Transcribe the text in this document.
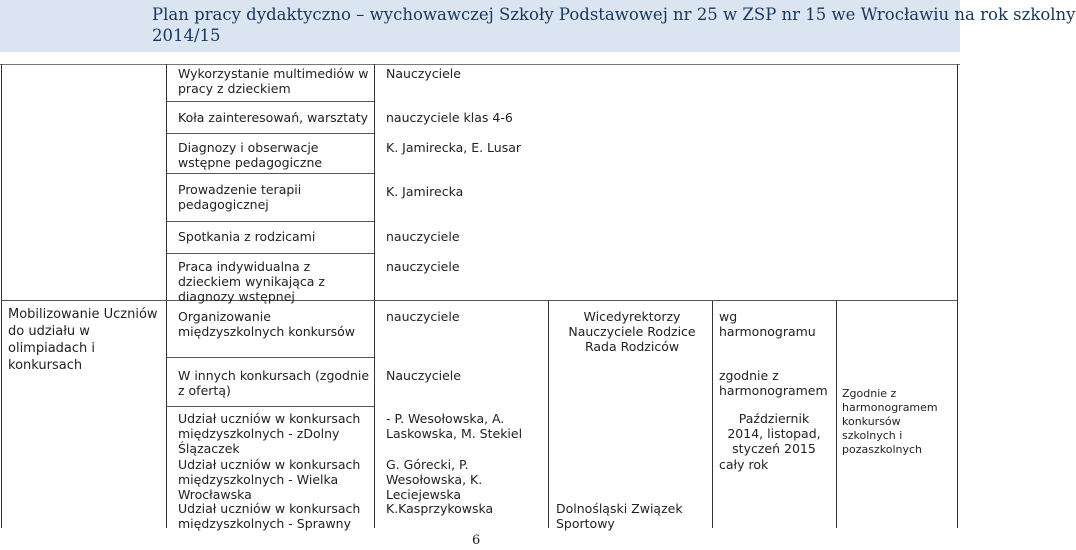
Plan pracy dydaktyczno – wychowawczej Szkoły Podstawowej nr 25 w ZSP nr 15 we Wrocławiu na rok szkolny
2014/15
Wykorzystanie multimediów w pracy z dzieckiem
Koła zainteresowań, warsztaty
Diagnozy i obserwacje wstępne pedagogiczne
Prowadzenie terapii pedagogicznej
Spotkania z rodzicami
Praca indywidualna z dzieckiem wynikająca z diagnozy wstępnej
Organizowanie międzyszkolnych konkursów
W innych konkursach (zgodnie z ofertą)
Udział uczniów w konkursach międzyszkolnych - zDolny Ślązaczek
Udział uczniów w konkursach międzyszkolnych - Wielka Wrocławska
Udział uczniów w konkursach międzyszkolnych - Sprawny
Nauczyciele
nauczyciele klas 4-6
K. Jamirecka, E. Lusar
K. Jamirecka
nauczyciele
nauczyciele
nauczyciele
Nauczyciele
- P. Wesołowska, A. Laskowska, M. Stekiel
G. Górecki, P. Wesołowska, K. Leciejewska
K.Kasprzykowska
Mobilizowanie Uczniów do udziału w olimpiadach i konkursach
Wicedyrektorzy Nauczyciele Rodzice Rada Rodziców
Dolnośląski Związek Sportowy
wg harmonogramu
zgodnie z harmonogramem
Październik 2014, listopad, styczeń 2015
cały rok
Zgodnie z harmonogramem konkursów szkolnych i pozaszkolnych
6
